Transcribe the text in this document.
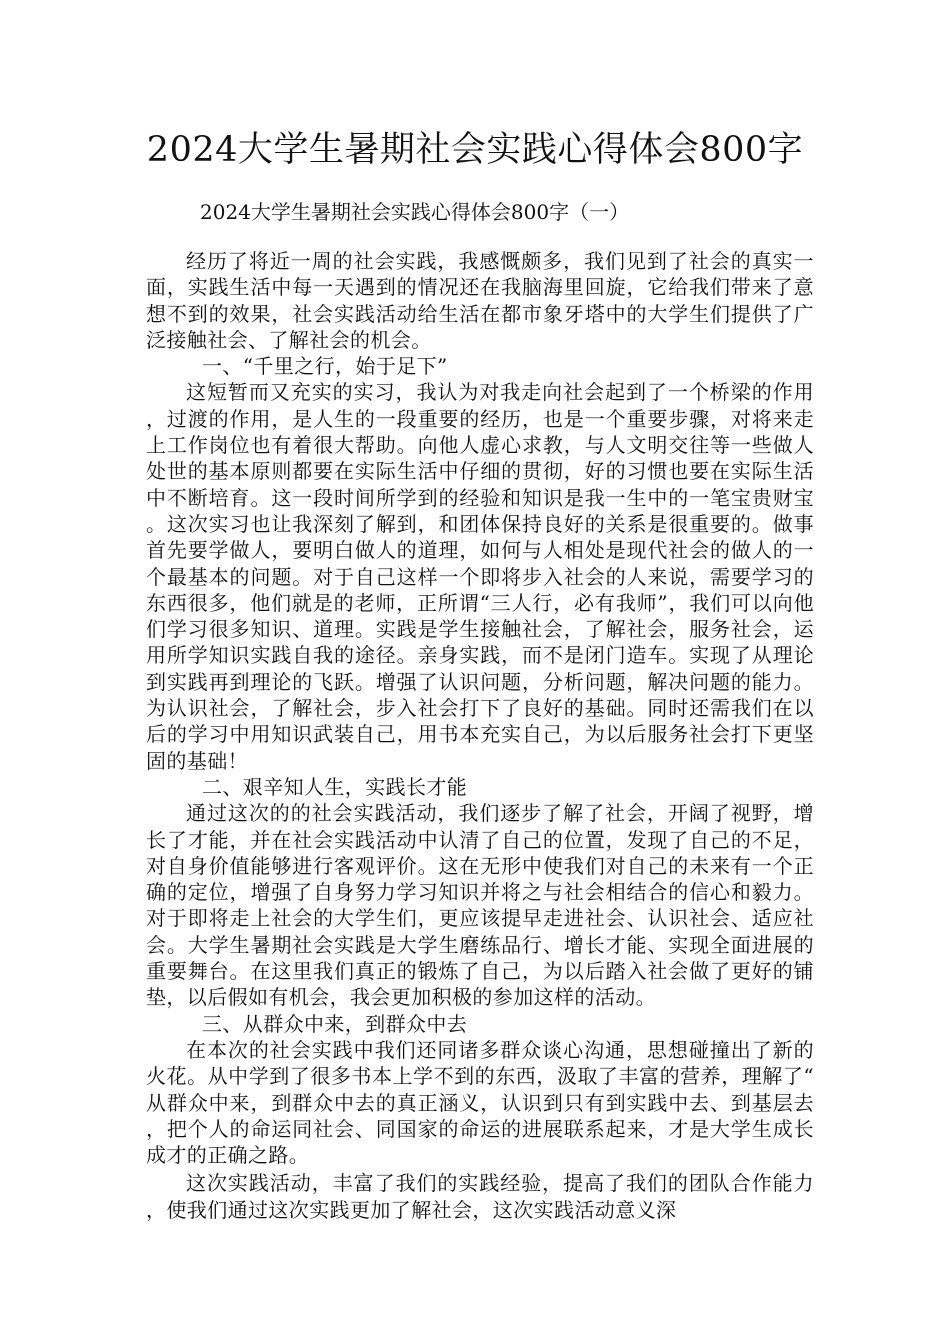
2024大学生暑期社会实践心得体会800字
2024大学生暑期社会实践心得体会800字（一）

经历了将近一周的社会实践，我感慨颇多，我们见到了社会的真实一面，实践生活中每一天遇到的情况还在我脑海里回旋，它给我们带来了意想不到的效果，社会实践活动给生活在都市象牙塔中的大学生们提供了广泛接触社会、了解社会的机会。

一、“千里之行，始于足下”

这短暂而又充实的实习，我认为对我走向社会起到了一个桥梁的作用，过渡的作用，是人生的一段重要的经历，也是一个重要步骤，对将来走上工作岗位也有着很大帮助。向他人虚心求教，与人文明交往等一些做人处世的基本原则都要在实际生活中仔细的贯彻，好的习惯也要在实际生活中不断培育。这一段时间所学到的经验和知识是我一生中的一笔宝贵财宝。这次实习也让我深刻了解到，和团体保持良好的关系是很重要的。做事首先要学做人，要明白做人的道理，如何与人相处是现代社会的做人的一个最基本的问题。对于自己这样一个即将步入社会的人来说，需要学习的东西很多，他们就是的老师，正所谓“三人行，必有我师”，我们可以向他们学习很多知识、道理。实践是学生接触社会，了解社会，服务社会，运用所学知识实践自我的途径。亲身实践，而不是闭门造车。实现了从理论到实践再到理论的飞跃。增强了认识问题，分析问题，解决问题的能力。为认识社会，了解社会，步入社会打下了良好的基础。同时还需我们在以后的学习中用知识武装自己，用书本充实自己，为以后服务社会打下更坚固的基础！

二、艰辛知人生，实践长才能

通过这次的的社会实践活动，我们逐步了解了社会，开阔了视野，增长了才能，并在社会实践活动中认清了自己的位置，发现了自己的不足，对自身价值能够进行客观评价。这在无形中使我们对自己的未来有一个正确的定位，增强了自身努力学习知识并将之与社会相结合的信心和毅力。对于即将走上社会的大学生们，更应该提早走进社会、认识社会、适应社会。大学生暑期社会实践是大学生磨练品行、增长才能、实现全面进展的重要舞台。在这里我们真正的锻炼了自己，为以后踏入社会做了更好的铺垫，以后假如有机会，我会更加积极的参加这样的活动。

三、从群众中来，到群众中去

在本次的社会实践中我们还同诸多群众谈心沟通，思想碰撞出了新的火花。从中学到了很多书本上学不到的东西，汲取了丰富的营养，理解了“从群众中来，到群众中去的真正涵义，认识到只有到实践中去、到基层去，把个人的命运同社会、同国家的命运的进展联系起来，才是大学生成长成才的正确之路。

这次实践活动，丰富了我们的实践经验，提高了我们的团队合作能力，使我们通过这次实践更加了解社会，这次实践活动意义深
